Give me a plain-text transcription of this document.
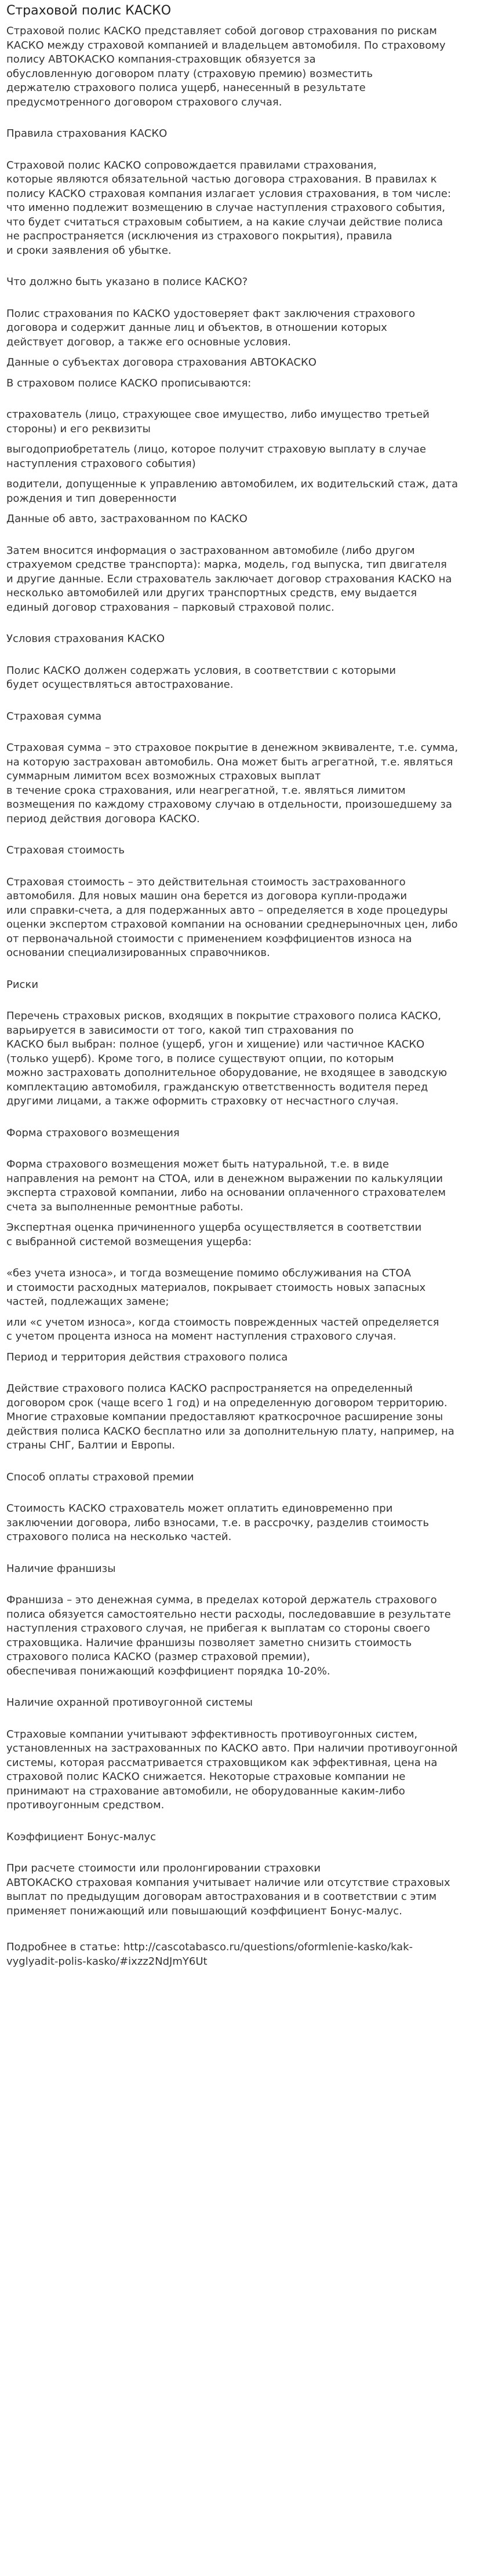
Страховой полис КАСКО

Страховой полис КАСКО представляет собой договор страхования по рискам
КАСКО между страховой компанией и владельцем автомобиля. По страховому
полису АВТОКАСКО компания-страховщик обязуется за
обусловленную договором плату (страховую премию) возместить
держателю страхового полиса ущерб, нанесенный в результате
предусмотренного договором страхового случая.

Правила страхования КАСКО

Страховой полис КАСКО сопровождается правилами страхования,
которые являются обязательной частью договора страхования. В правилах к
полису КАСКО страховая компания излагает условия страхования, в том числе:
что именно подлежит возмещению в случае наступления страхового события,
что будет считаться страховым событием, а на какие случаи действие полиса
не распространяется (исключения из страхового покрытия), правила
и сроки заявления об убытке.

Что должно быть указано в полисе КАСКО?

Полис страхования по КАСКО удостоверяет факт заключения страхового
договора и содержит данные лиц и объектов, в отношении которых
действует договор, а также его основные условия.

Данные о субъектах договора страхования АВТОКАСКО

В страховом полисе КАСКО прописываются:

страхователь (лицо, страхующее свое имущество, либо имущество третьей
стороны) и его реквизиты

выгодоприобретатель (лицо, которое получит страховую выплату в случае
наступления страхового события)

водители, допущенные к управлению автомобилем, их водительский стаж, дата
рождения и тип доверенности

Данные об авто, застрахованном по КАСКО

Затем вносится информация о застрахованном автомобиле (либо другом
страхуемом средстве транспорта): марка, модель, год выпуска, тип двигателя
и другие данные. Если страхователь заключает договор страхования КАСКО на
несколько автомобилей или других транспортных средств, ему выдается
единый договор страхования – парковый страховой полис.

Условия страхования КАСКО

Полис КАСКО должен содержать условия, в соответствии с которыми
будет осуществляться автострахование.

Страховая сумма

Страховая сумма – это страховое покрытие в денежном эквиваленте, т.е. сумма,
на которую застрахован автомобиль. Она может быть агрегатной, т.е. являться
суммарным лимитом всех возможных страховых выплат
в течение срока страхования, или неагрегатной, т.е. являться лимитом
возмещения по каждому страховому случаю в отдельности, произошедшему за
период действия договора КАСКО.

Страховая стоимость

Страховая стоимость – это действительная стоимость застрахованного
автомобиля. Для новых машин она берется из договора купли-продажи
или справки-счета, а для подержанных авто – определяется в ходе процедуры
оценки экспертом страховой компании на основании среднерыночных цен, либо
от первоначальной стоимости с применением коэффициентов износа на
основании специализированных справочников.

Риски

Перечень страховых рисков, входящих в покрытие страхового полиса КАСКО,
варьируется в зависимости от того, какой тип страхования по
КАСКО был выбран: полное (ущерб, угон и хищение) или частичное КАСКО
(только ущерб). Кроме того, в полисе существуют опции, по которым
можно застраховать дополнительное оборудование, не входящее в заводскую
комплектацию автомобиля, гражданскую ответственность водителя перед
другими лицами, а также оформить страховку от несчастного случая.

Форма страхового возмещения

Форма страхового возмещения может быть натуральной, т.е. в виде
направления на ремонт на СТОА, или в денежном выражении по калькуляции
эксперта страховой компании, либо на основании оплаченного страхователем
счета за выполненные ремонтные работы.

Экспертная оценка причиненного ущерба осуществляется в соответствии
с выбранной системой возмещения ущерба:

«без учета износа», и тогда возмещение помимо обслуживания на СТОА
и стоимости расходных материалов, покрывает стоимость новых запасных
частей, подлежащих замене;

или «с учетом износа», когда стоимость поврежденных частей определяется
с учетом процента износа на момент наступления страхового случая.

Период и территория действия страхового полиса

Действие страхового полиса КАСКО распространяется на определенный
договором срок (чаще всего 1 год) и на определенную договором территорию.
Многие страховые компании предоставляют краткосрочное расширение зоны
действия полиса КАСКО бесплатно или за дополнительную плату, например, на
страны СНГ, Балтии и Европы.

Способ оплаты страховой премии

Стоимость КАСКО страхователь может оплатить единовременно при
заключении договора, либо взносами, т.е. в рассрочку, разделив стоимость
страхового полиса на несколько частей.

Наличие франшизы

Франшиза – это денежная сумма, в пределах которой держатель страхового
полиса обязуется самостоятельно нести расходы, последовавшие в результате
наступления страхового случая, не прибегая к выплатам со стороны своего
страховщика. Наличие франшизы позволяет заметно снизить стоимость
страхового полиса КАСКО (размер страховой премии),
обеспечивая понижающий коэффициент порядка 10-20%.

Наличие охранной противоугонной системы

Страховые компании учитывают эффективность противоугонных систем,
установленных на застрахованных по КАСКО авто. При наличии противоугонной
системы, которая рассматривается страховщиком как эффективная, цена на
страховой полис КАСКО снижается. Некоторые страховые компании не
принимают на страхование автомобили, не оборудованные каким-либо
противоугонным средством.

Коэффициент Бонус-малус

При расчете стоимости или пролонгировании страховки
АВТОКАСКО страховая компания учитывает наличие или отсутствие страховых
выплат по предыдущим договорам автострахования и в соответствии с этим
применяет понижающий или повышающий коэффициент Бонус-малус.

Подробнее в статье: http://cascotabasco.ru/questions/oformlenie-kasko/kak-
vyglyadit-polis-kasko/#ixzz2NdJmY6Ut
